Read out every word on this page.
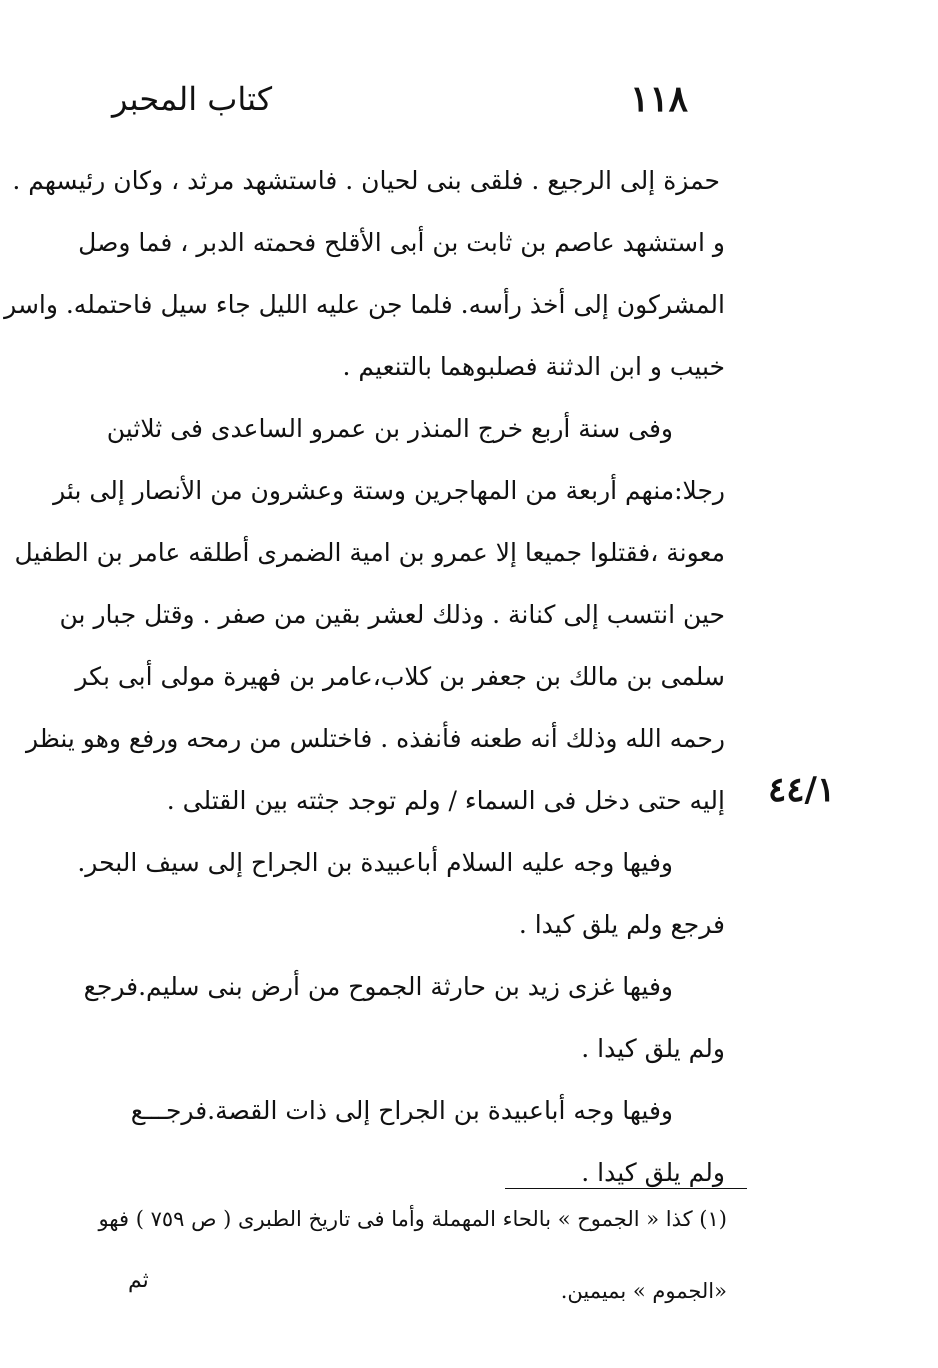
١١٨
كتاب المحبر
حمزة إلى الرجيع . فلقى بنى لحيان . فاستشهد مرثد ، وكان رئيسهم .
و استشهد عاصم بن ثابت بن أبى الأقلح فحمته الدبر ، فما وصل
المشركون إلى أخذ رأسه. فلما جن عليه الليل جاء سيل فاحتمله. واسر
خبيب و ابن الدثنة فصلبوهما بالتنعيم .
وفى سنة أربع خرج المنذر بن عمرو الساعدى فى ثلاثين
رجلا:منهم أربعة من المهاجرين وستة وعشرون من الأنصار إلى بئر
معونة ،فقتلوا جميعا إلا عمرو بن امية الضمرى أطلقه عامر بن الطفيل
حين انتسب إلى كنانة . وذلك لعشر بقين من صفر . وقتل جبار بن
سلمى بن مالك بن جعفر بن كلاب،عامر بن فهيرة مولى أبى بكر
رحمه الله وذلك أنه طعنه فأنفذه . فاختلس من رمحه ورفع وهو ينظر
إليه حتى دخل فى السماء / ولم توجد جثته بين القتلى .
وفيها وجه عليه السلام أباعبيدة بن الجراح إلى سيف البحر.
فرجع ولم يلق كيدا .
وفيها غزى زيد بن حارثة الجموح من أرض بنى سليم.فرجع
ولم يلق كيدا .
وفيها وجه أباعبيدة بن الجراح إلى ذات القصة.فرجـــع
ولم يلق كيدا .
٤٤/١
(١) كذا « الجموح » بالحاء المهملة وأما فى تاريخ الطبرى ( ص ٧٥٩ ) فهو
«الجموم » بميمين.
ثم
